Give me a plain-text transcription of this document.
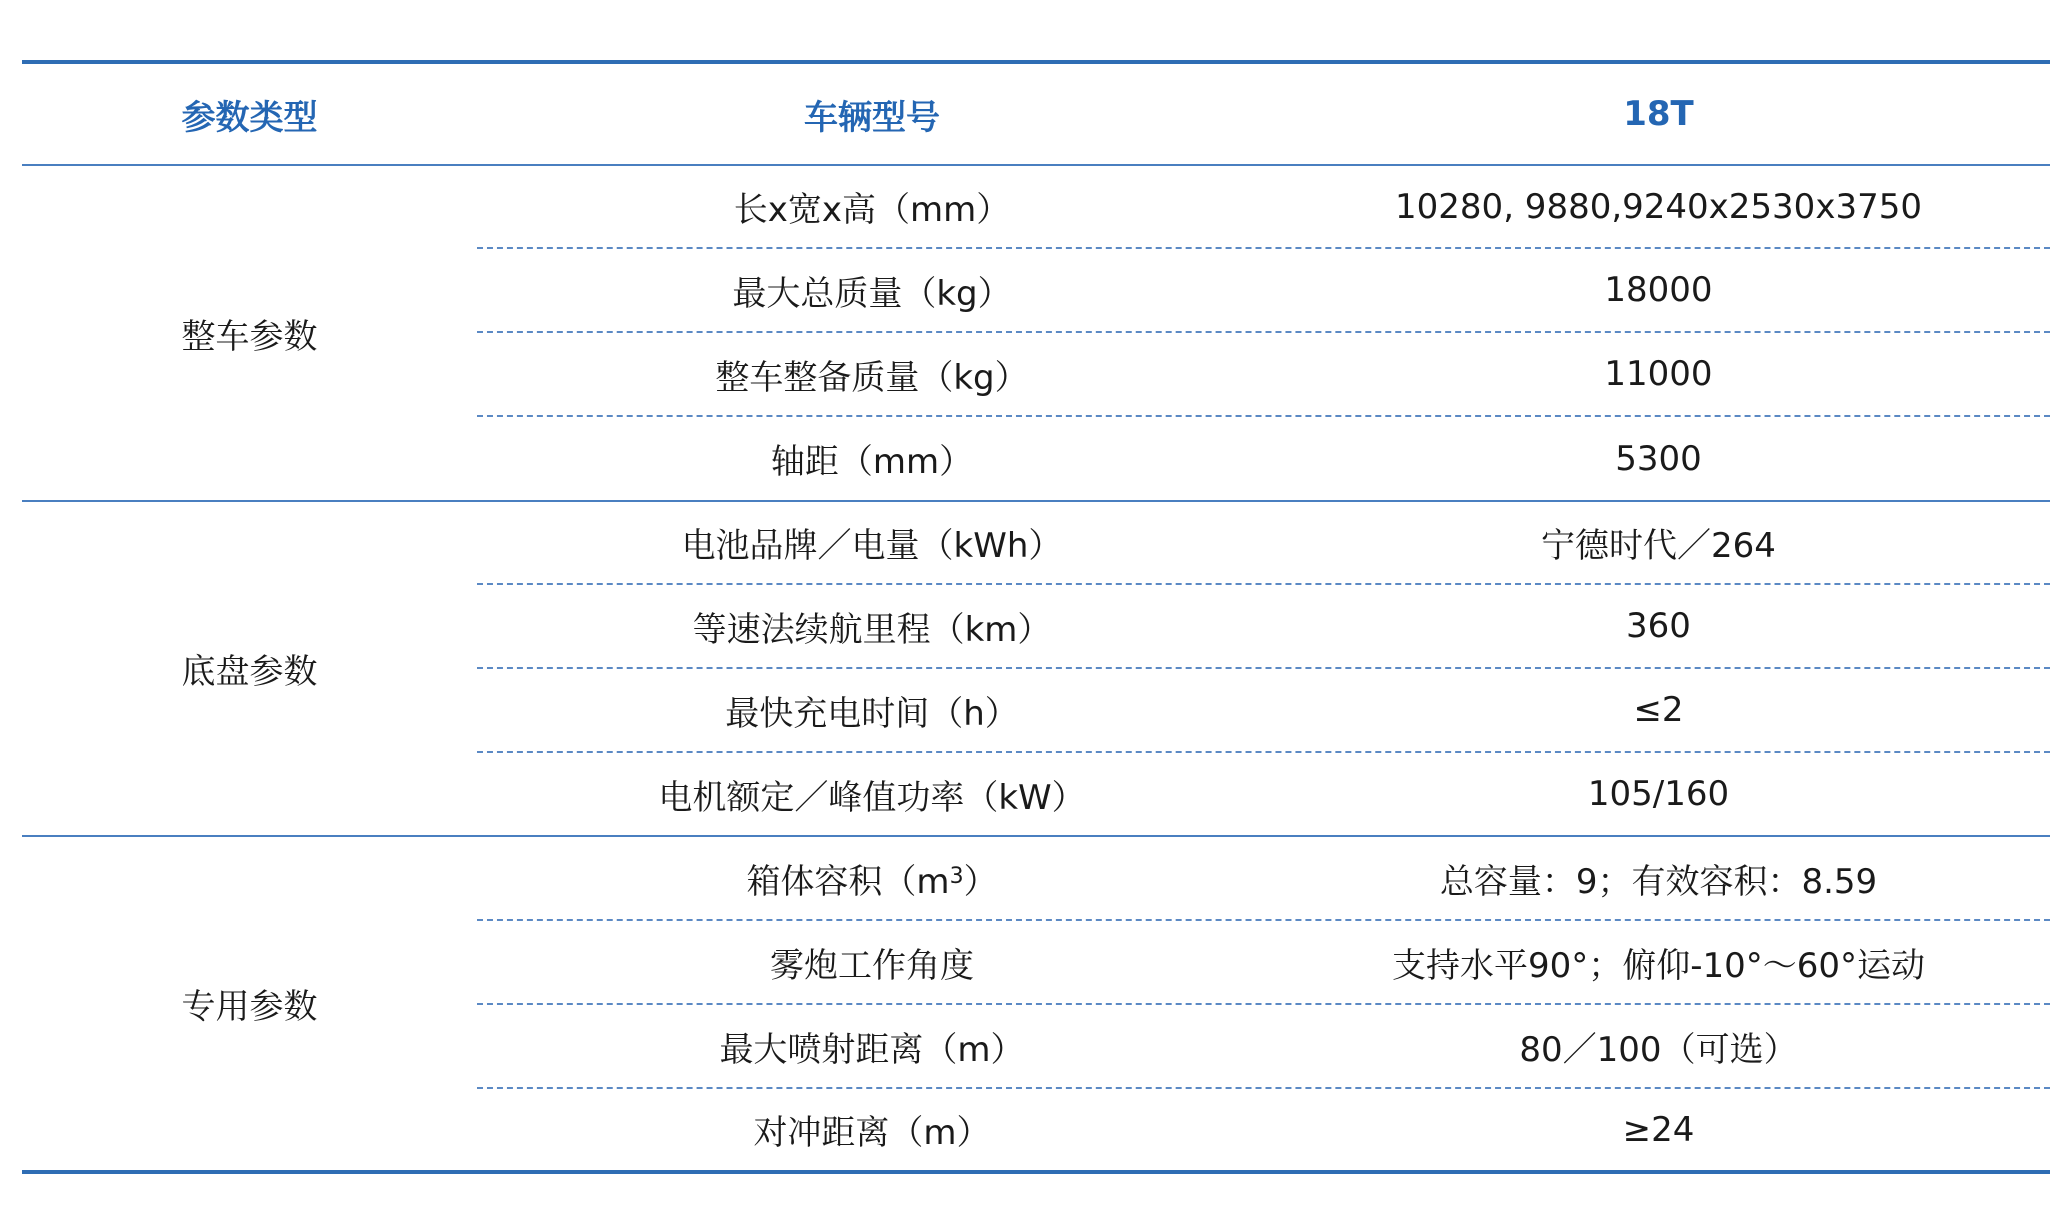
参数类型	车辆型号	18T
整车参数
长x宽x高（mm）	10280, 9880,9240x2530x3750
最大总质量（kg）	18000
整车整备质量（kg）	11000
轴距（mm）	5300
底盘参数
电池品牌／电量（kWh）	宁德时代／264
等速法续航里程（km）	360
最快充电时间（h）	≤2
电机额定／峰值功率（kW）	105/160
专用参数
箱体容积（$m^3$ ）	总容量：9；有效容积：8.59
雾炮工作角度	支持水平90°；俯仰-10°～60°运动
最大喷射距离（m）	80／100（可选）
对冲距离（m）	≥24
